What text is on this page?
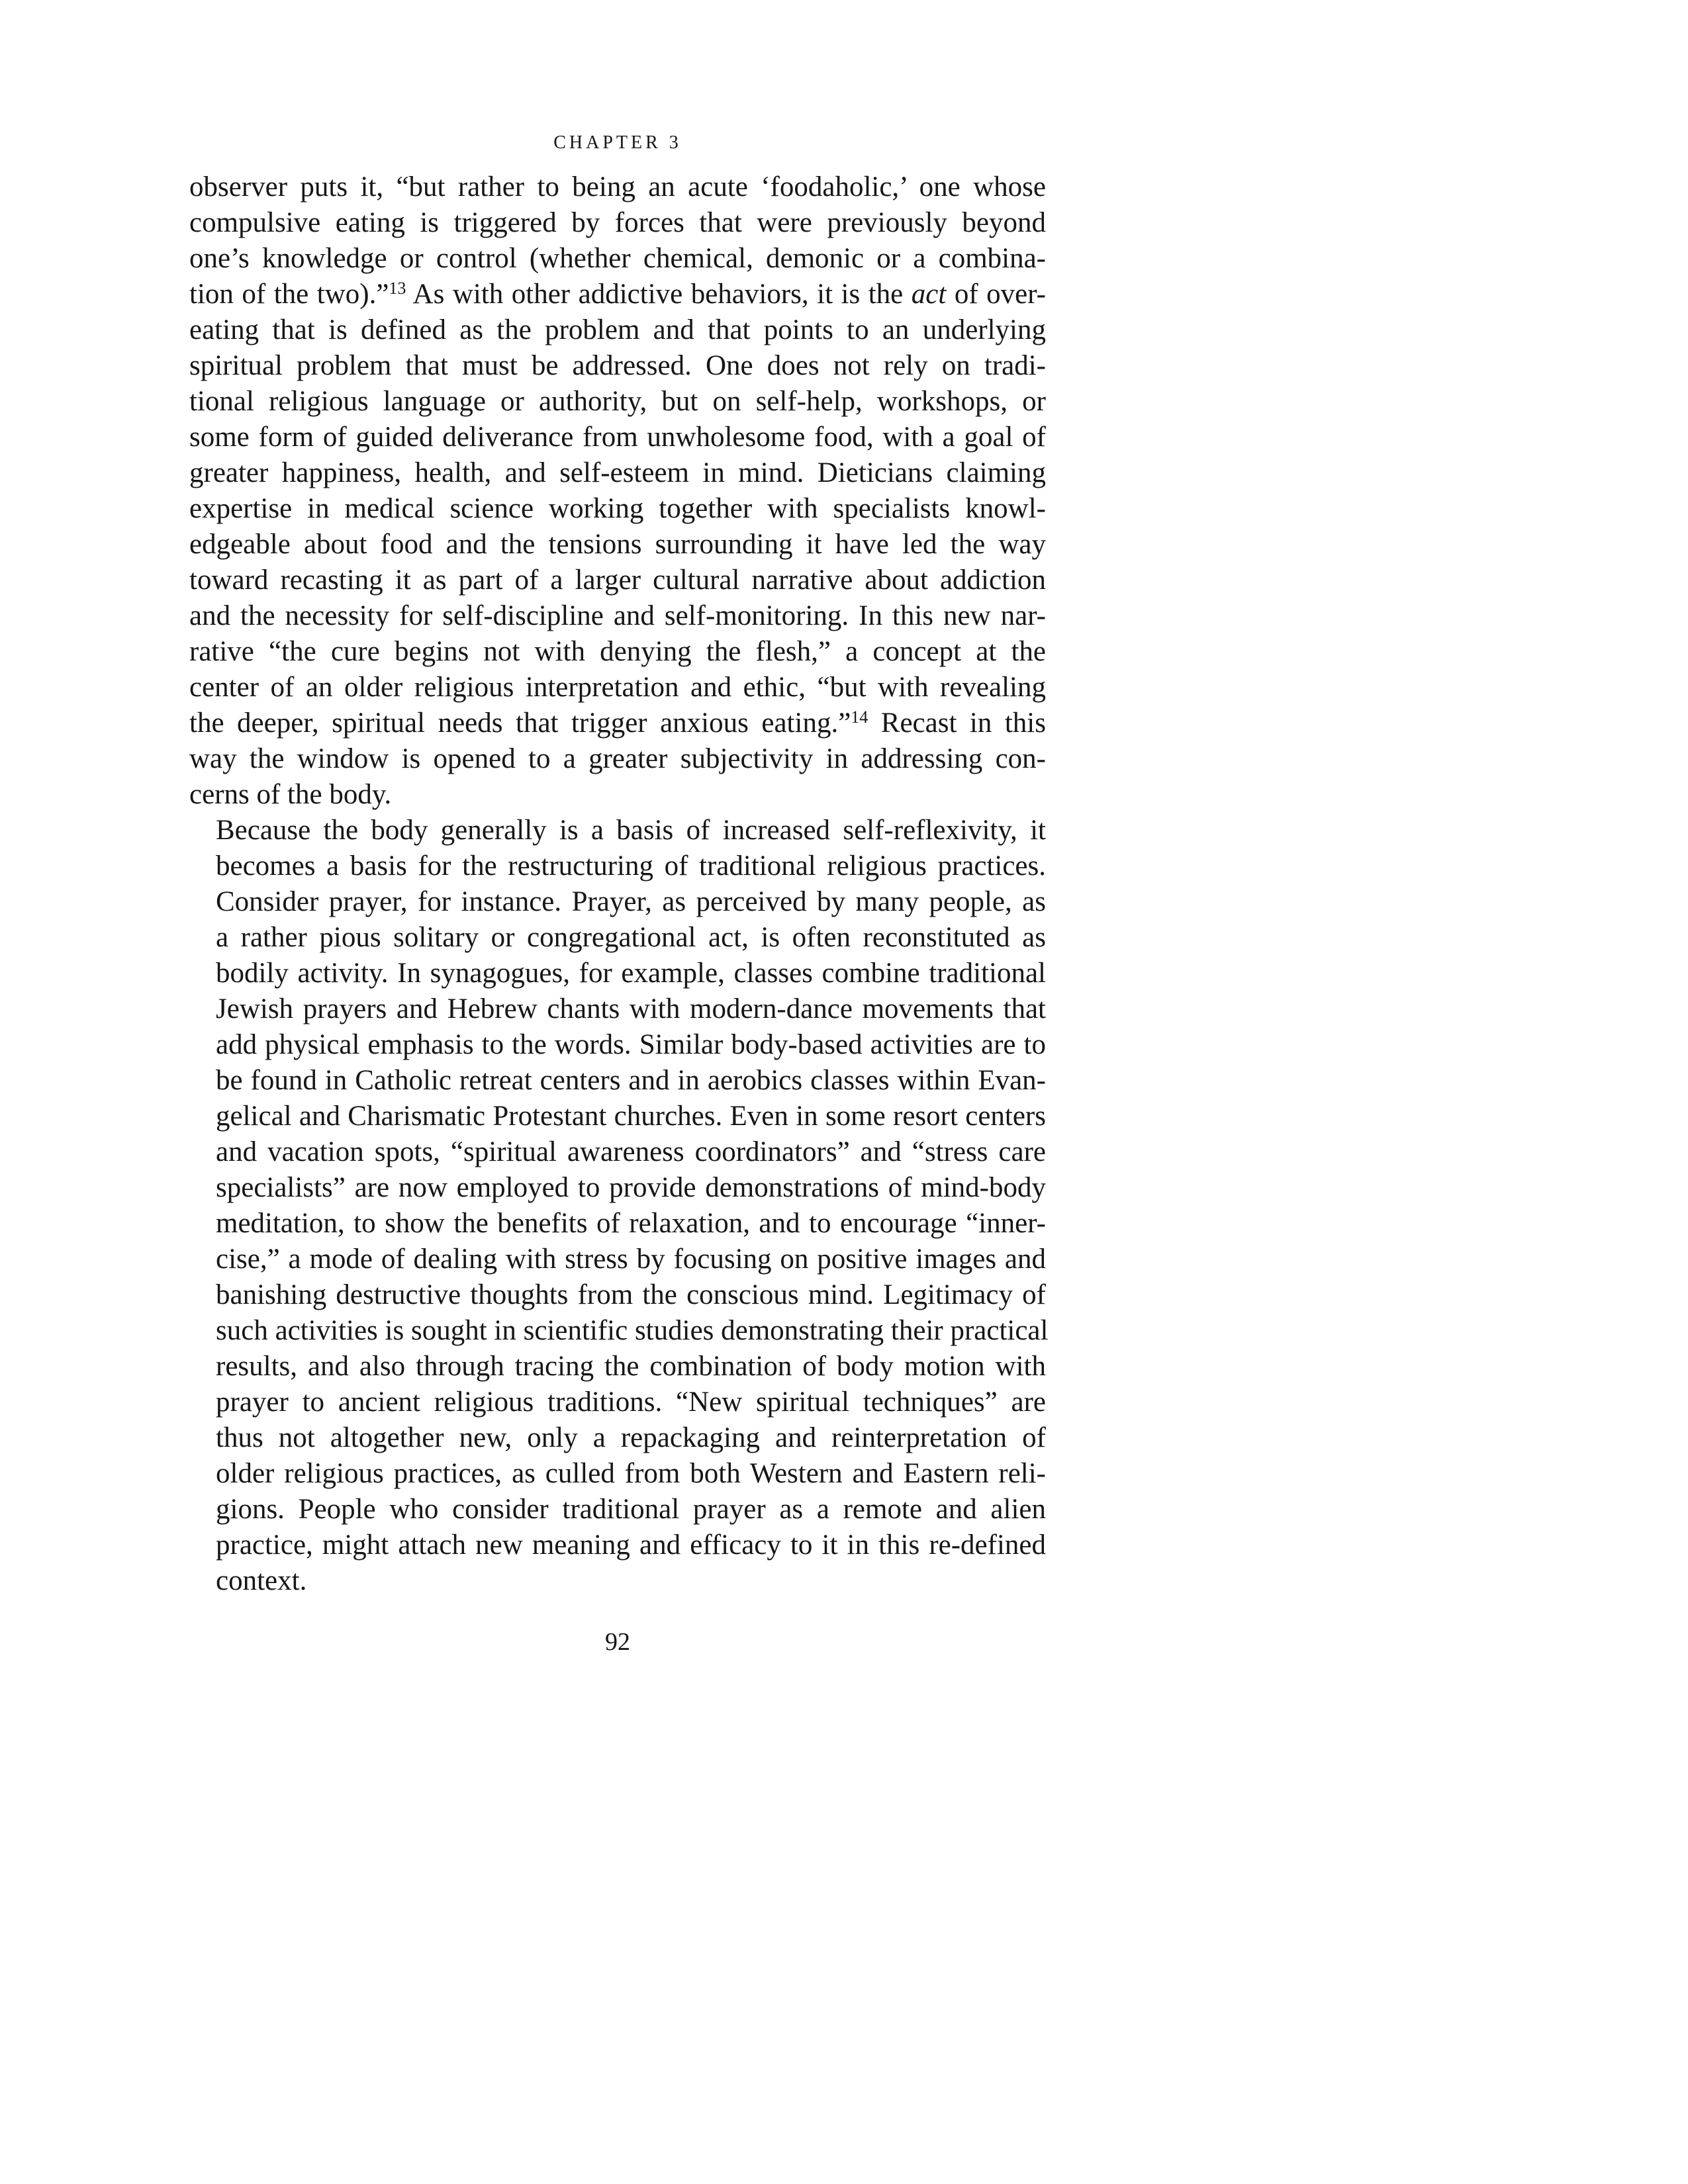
CHAPTER 3
observer puts it, “but rather to being an acute ‘foodaholic,’ one whose
compulsive eating is triggered by forces that were previously beyond
one’s knowledge or control (whether chemical, demonic or a combina-
tion of the two).”$^{13}$ As with other addictive behaviors, it is the act of over-
eating that is defined as the problem and that points to an underlying
spiritual problem that must be addressed. One does not rely on tradi-
tional religious language or authority, but on self-help, workshops, or
some form of guided deliverance from unwholesome food, with a goal of
greater happiness, health, and self-esteem in mind. Dieticians claiming
expertise in medical science working together with specialists knowl-
edgeable about food and the tensions surrounding it have led the way
toward recasting it as part of a larger cultural narrative about addiction
and the necessity for self-discipline and self-monitoring. In this new nar-
rative “the cure begins not with denying the flesh,” a concept at the
center of an older religious interpretation and ethic, “but with revealing
the deeper, spiritual needs that trigger anxious eating.”$^{14}$ Recast in this
way the window is opened to a greater subjectivity in addressing con-
cerns of the body.
Because the body generally is a basis of increased self-reflexivity, it
becomes a basis for the restructuring of traditional religious practices.
Consider prayer, for instance. Prayer, as perceived by many people, as
a rather pious solitary or congregational act, is often reconstituted as
bodily activity. In synagogues, for example, classes combine traditional
Jewish prayers and Hebrew chants with modern-dance movements that
add physical emphasis to the words. Similar body-based activities are to
be found in Catholic retreat centers and in aerobics classes within Evan-
gelical and Charismatic Protestant churches. Even in some resort centers
and vacation spots, “spiritual awareness coordinators” and “stress care
specialists” are now employed to provide demonstrations of mind-body
meditation, to show the benefits of relaxation, and to encourage “inner-
cise,” a mode of dealing with stress by focusing on positive images and
banishing destructive thoughts from the conscious mind. Legitimacy of
such activities is sought in scientific studies demonstrating their practical
results, and also through tracing the combination of body motion with
prayer to ancient religious traditions. “New spiritual techniques” are
thus not altogether new, only a repackaging and reinterpretation of
older religious practices, as culled from both Western and Eastern reli-
gions. People who consider traditional prayer as a remote and alien
practice, might attach new meaning and efficacy to it in this re-defined
context.
92
